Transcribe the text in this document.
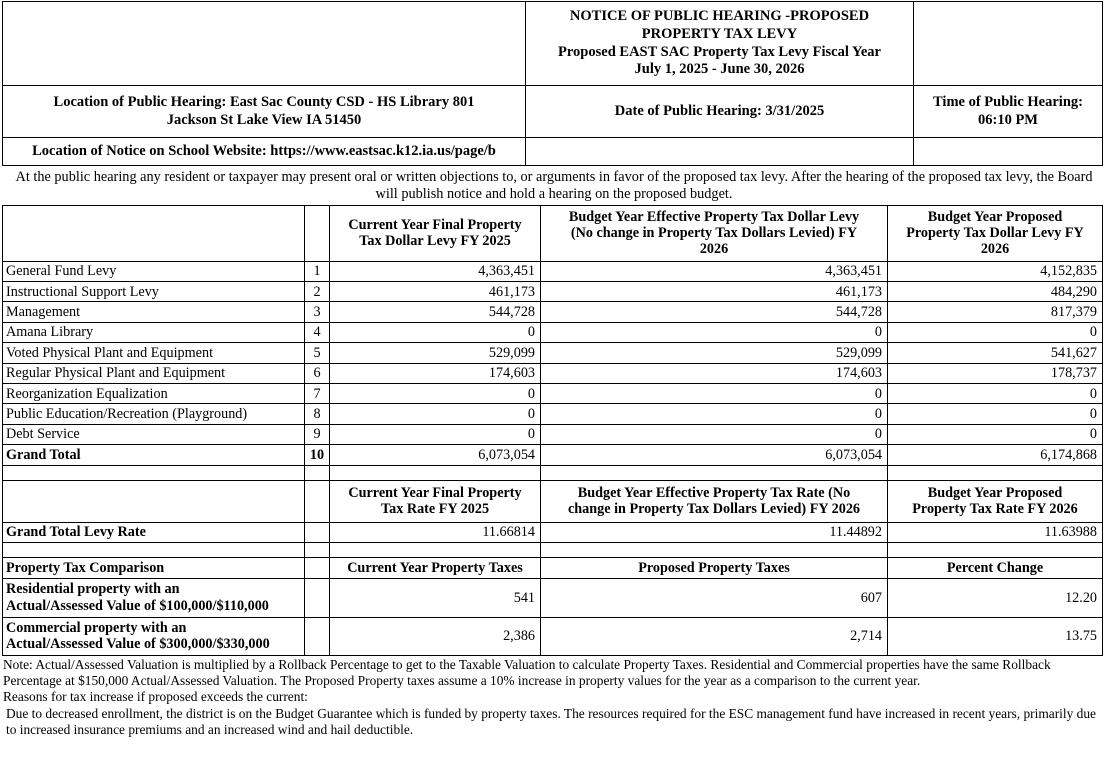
	NOTICE OF PUBLIC HEARING -PROPOSED
PROPERTY TAX LEVY
Proposed EAST SAC Property Tax Levy Fiscal Year
July 1, 2025 - June 30, 2026	

Location of Public Hearing: East Sac County CSD - HS Library 801
Jackson St Lake View IA 51450	Date of Public Hearing: 3/31/2025	Time of Public Hearing:
06:10 PM

Location of Notice on School Website: https://www.eastsac.k12.ia.us/page/b		
At the public hearing any resident or taxpayer may present oral or written objections to, or arguments in favor of the proposed tax levy. After the hearing of the proposed tax levy, the Board will publish notice and hold a hearing on the proposed budget.
		Current Year Final Property
Tax Dollar Levy FY 2025	Budget Year Effective Property Tax Dollar Levy
(No change in Property Tax Dollars Levied) FY
2026	Budget Year Proposed
Property Tax Dollar Levy FY
2026
General Fund Levy	1	4,363,451	4,363,451	4,152,835
Instructional Support Levy	2	461,173	461,173	484,290
Management	3	544,728	544,728	817,379
Amana Library	4	0	0	0
Voted Physical Plant and Equipment	5	529,099	529,099	541,627
Regular Physical Plant and Equipment	6	174,603	174,603	178,737
Reorganization Equalization	7	0	0	0
Public Education/Recreation (Playground)	8	0	0	0
Debt Service	9	0	0	0
Grand Total	10	6,073,054	6,073,054	6,174,868

		Current Year Final Property
Tax Rate FY 2025	Budget Year Effective Property Tax Rate (No
change in Property Tax Dollars Levied) FY 2026	Budget Year Proposed
Property Tax Rate FY 2026
Grand Total Levy Rate		11.66814	11.44892	11.63988

Property Tax Comparison		Current Year Property Taxes	Proposed Property Taxes	Percent Change
Residential property with an
Actual/Assessed Value of $100,000/$110,000		541	607	12.20
Commercial property with an
Actual/Assessed Value of $300,000/$330,000		2,386	2,714	13.75

Note: Actual/Assessed Valuation is multiplied by a Rollback Percentage to get to the Taxable Valuation to calculate Property Taxes. Residential and Commercial properties have the same Rollback Percentage at $150,000 Actual/Assessed Valuation. The Proposed Property taxes assume a 10% increase in property values for the year as a comparison to the current year.

Reasons for tax increase if proposed exceeds the current:

Due to decreased enrollment, the district is on the Budget Guarantee which is funded by property taxes. The resources required for the ESC management fund have increased in recent years, primarily due to increased insurance premiums and an increased wind and hail deductible.
